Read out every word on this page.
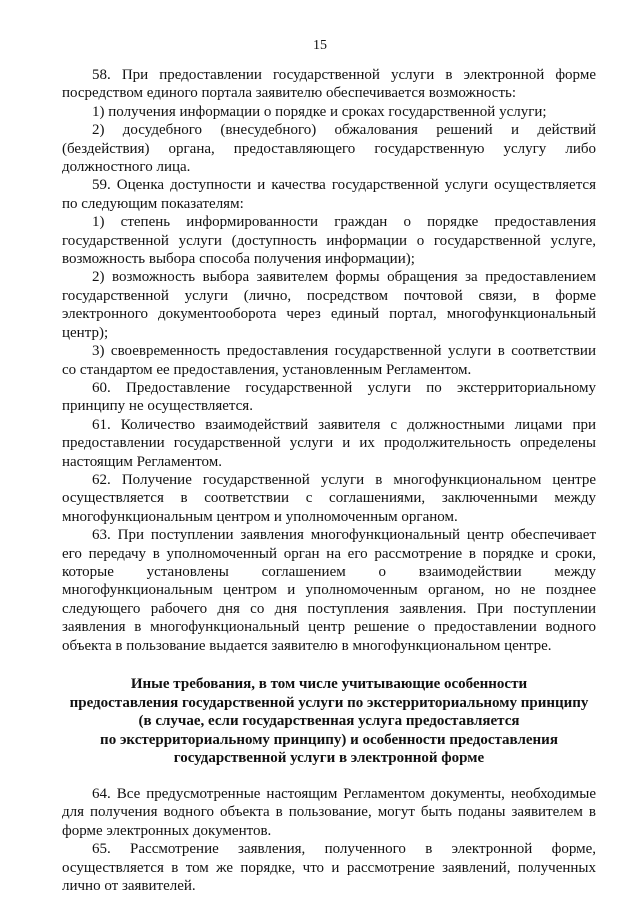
15

58. При предоставлении государственной услуги в электронной форме посредством единого портала заявителю обеспечивается возможность:

1) получения информации о порядке и сроках государственной услуги;

2) досудебного (внесудебного) обжалования решений и действий (бездействия) органа, предоставляющего государственную услугу либо должностного лица.

59. Оценка доступности и качества государственной услуги осуществляется по следующим показателям:

1) степень информированности граждан о порядке предоставления государственной услуги (доступность информации о государственной услуге, возможность выбора способа получения информации);

2) возможность выбора заявителем формы обращения за предоставлением государственной услуги (лично, посредством почтовой связи, в форме электронного документооборота через единый портал, многофункциональный центр);

3) своевременность предоставления государственной услуги в соответствии со стандартом ее предоставления, установленным Регламентом.

60. Предоставление государственной услуги по экстерриториальному принципу не осуществляется.

61. Количество взаимодействий заявителя с должностными лицами при предоставлении государственной услуги и их продолжительность определены настоящим Регламентом.

62. Получение государственной услуги в многофункциональном центре осуществляется в соответствии с соглашениями, заключенными между многофункциональным центром и уполномоченным органом.

63. При поступлении заявления многофункциональный центр обеспечивает его передачу в уполномоченный орган на его рассмотрение в порядке и сроки, которые установлены соглашением о взаимодействии между многофункциональным центром и уполномоченным органом, но не позднее следующего рабочего дня со дня поступления заявления. При поступлении заявления в многофункциональный центр решение о предоставлении водного объекта в пользование выдается заявителю в многофункциональном центре.

Иные требования, в том числе учитывающие особенности
предоставления государственной услуги по экстерриториальному принципу
(в случае, если государственная услуга предоставляется
по экстерриториальному принципу) и особенности предоставления
государственной услуги в электронной форме

64. Все предусмотренные настоящим Регламентом документы, необходимые для получения водного объекта в пользование, могут быть поданы заявителем в форме электронных документов.

65. Рассмотрение заявления, полученного в электронной форме, осуществляется в том же порядке, что и рассмотрение заявлений, полученных лично от заявителей.
